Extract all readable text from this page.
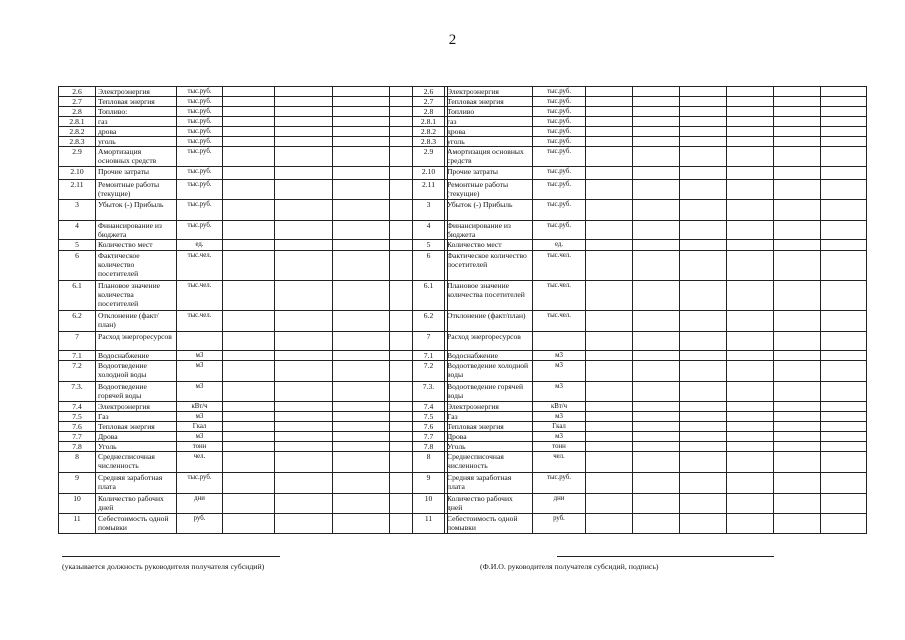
2
2.6	Электроэнергия	тыс.руб.				
2.7	Тепловая энергия	тыс.руб.				
2.8	Топливо:	тыс.руб.				
2.8.1	газ	тыс.руб.				
2.8.2	дрова	тыс.руб.				
2.8.3	уголь	тыс.руб.				
2.9	Амортизация основных средств	тыс.руб.				
2.10	Прочие затраты	тыс.руб.				
2.11	Ремонтные работы (текущие)	тыс.руб.				
3	Убыток (-) Прибыль	тыс.руб.				
4	Финансирование из бюджета	тыс.руб.				
5	Количество мест	ед.				
6	Фактическое количество посетителей	тыс.чел.				
6.1	Плановое значение количества посетителей	тыс.чел.				
6.2	Отклонение (факт/план)	тыс.чел.				
7	Расход энергоресурсов					
7.1	Водоснабжение	м3				
7.2	Водоотведение холодной воды	м3				
7.3.	Водоотведение горячей воды	м3				
7.4	Электроэнергия	кВт/ч				
7.5	Газ	м3				
7.6	Тепловая энергия	Гкал				
7.7	Дрова	м3				
7.8	Уголь	тонн				
8	Среднесписочная численность	чел.				
9	Средняя заработная плата	тыс.руб.				
10	Количество рабочих дней	дни				
11	Себестоимость одной помывки	руб.				
2.6	Электроэнергия	тыс.руб.						
2.7	Тепловая энергия	тыс.руб.						
2.8	Топливо	тыс.руб.						
2.8.1	газ	тыс.руб.						
2.8.2	дрова	тыс.руб.						
2.8.3	уголь	тыс.руб.						
2.9	Амортизация основных средств	тыс.руб.						
2.10	Прочие затраты	тыс.руб.						
2.11	Ремонтные работы (текущие)	тыс.руб.						
3	Убыток (-) Прибыль	тыс.руб.						
4	Финансирование из бюджета	тыс.руб.						
5	Количество мест	ед.						
6	Фактическое количество посетителей	тыс.чел.						
6.1	Плановое значение количества посетителей	тыс.чел.						
6.2	Отклонение (факт/план)	тыс.чел.						
7	Расход энергоресурсов							
7.1	Водоснабжение	м3						
7.2	Водоотведение холодной воды	м3						
7.3.	Водоотведение горячей воды	м3						
7.4	Электроэнергия	кВт/ч						
7.5	Газ	м3						
7.6	Тепловая энергия	Гкал						
7.7	Дрова	м3						
7.8	Уголь	тонн						
8	Среднесписочная численность	чел.						
9	Средняя заработная плата	тыс.руб.						
10	Количество рабочих дней	дни						
11	Себестоимость одной помывки	руб.						
(указывается должность руководителя получателя субсидий)	(Ф.И.О. руководителя получателя субсидий, подпись)
